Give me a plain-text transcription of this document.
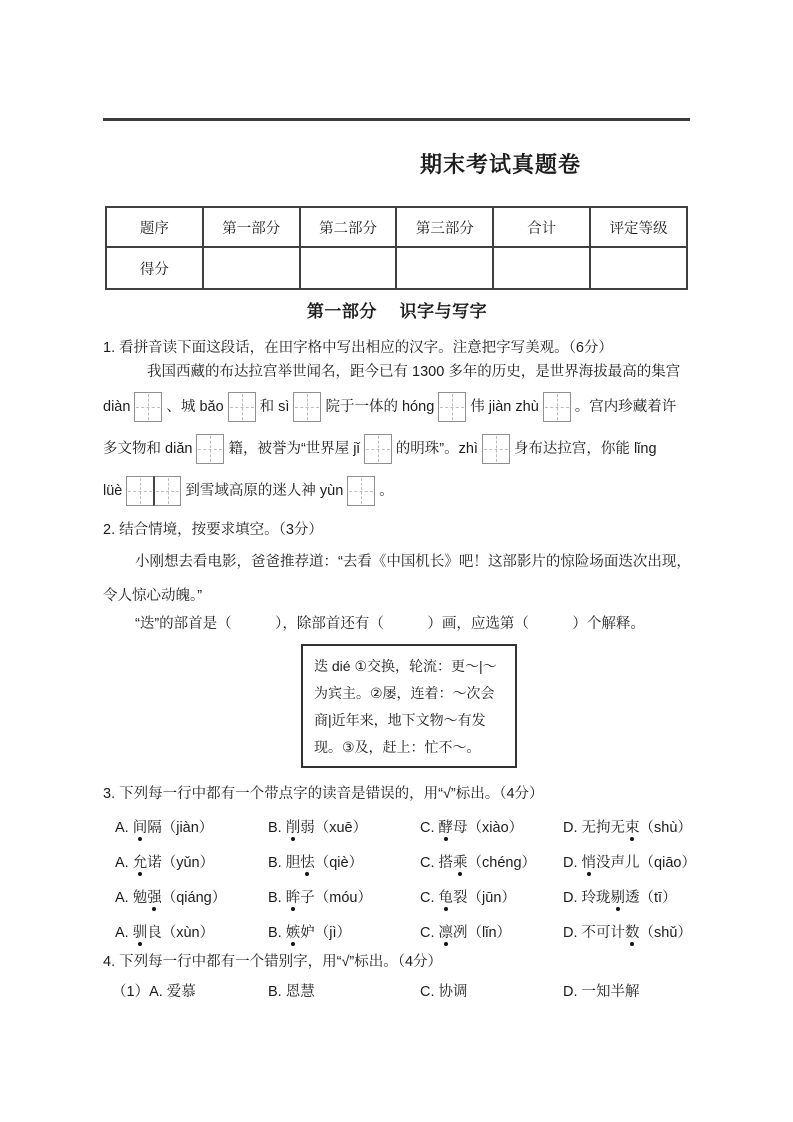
期末考试真题卷
题序	第一部分	第二部分	第三部分	合计	评定等级
得分					
第一部分　 识字与写字
1. 看拼音读下面这段话，在田字格中写出相应的汉字。注意把字写美观。（6分）
我国西藏的布达拉宫举世闻名，距今已有 1300 多年的历史，是世界海拔最高的集宫
diàn 、城 bǎo 和 sì 院于一体的 hóng 伟 jiàn zhù 。宫内珍藏着许
多文物和 diǎn 籍，被誉为“世界屋 jǐ 的明珠”。zhì 身布达拉宫，你能 lǐng
lüè	到雪域高原的迷人神 yùn 。
2. 结合情境，按要求填空。（3分）
小刚想去看电影，爸爸推荐道：“去看《中国机长》吧！这部影片的惊险场面迭次出现，
令人惊心动魄。”
“迭”的部首是（　　　），除部首还有（　　　）画，应选第（　　　）个解释。
迭 dié ①交换，轮流：更～|～
为宾主。②屡，连着：～次会
商|近年来，地下文物～有发
现。③及，赶上：忙不～。
3. 下列每一行中都有一个带点字的读音是错误的，用“√”标出。（4分）
A. 间隔（jiàn）	B. 削弱（xuē）	C. 酵母（xiào）	D. 无拘无束（shù）
A. 允诺（yǔn）	B. 胆怯（qiè）	C. 搭乘（chéng）	D. 悄没声儿（qiāo）
A. 勉强（qiáng）	B. 眸子（móu）	C. 龟裂（jūn）	D. 玲珑剔透（tī）
A. 驯良（xùn）	B. 嫉妒（jì）	C. 凛冽（lǐn）	D. 不可计数（shǔ）
4. 下列每一行中都有一个错别字，用“√”标出。（4分）
（1）A. 爱慕	B. 恩慧	C. 协调	D. 一知半解
